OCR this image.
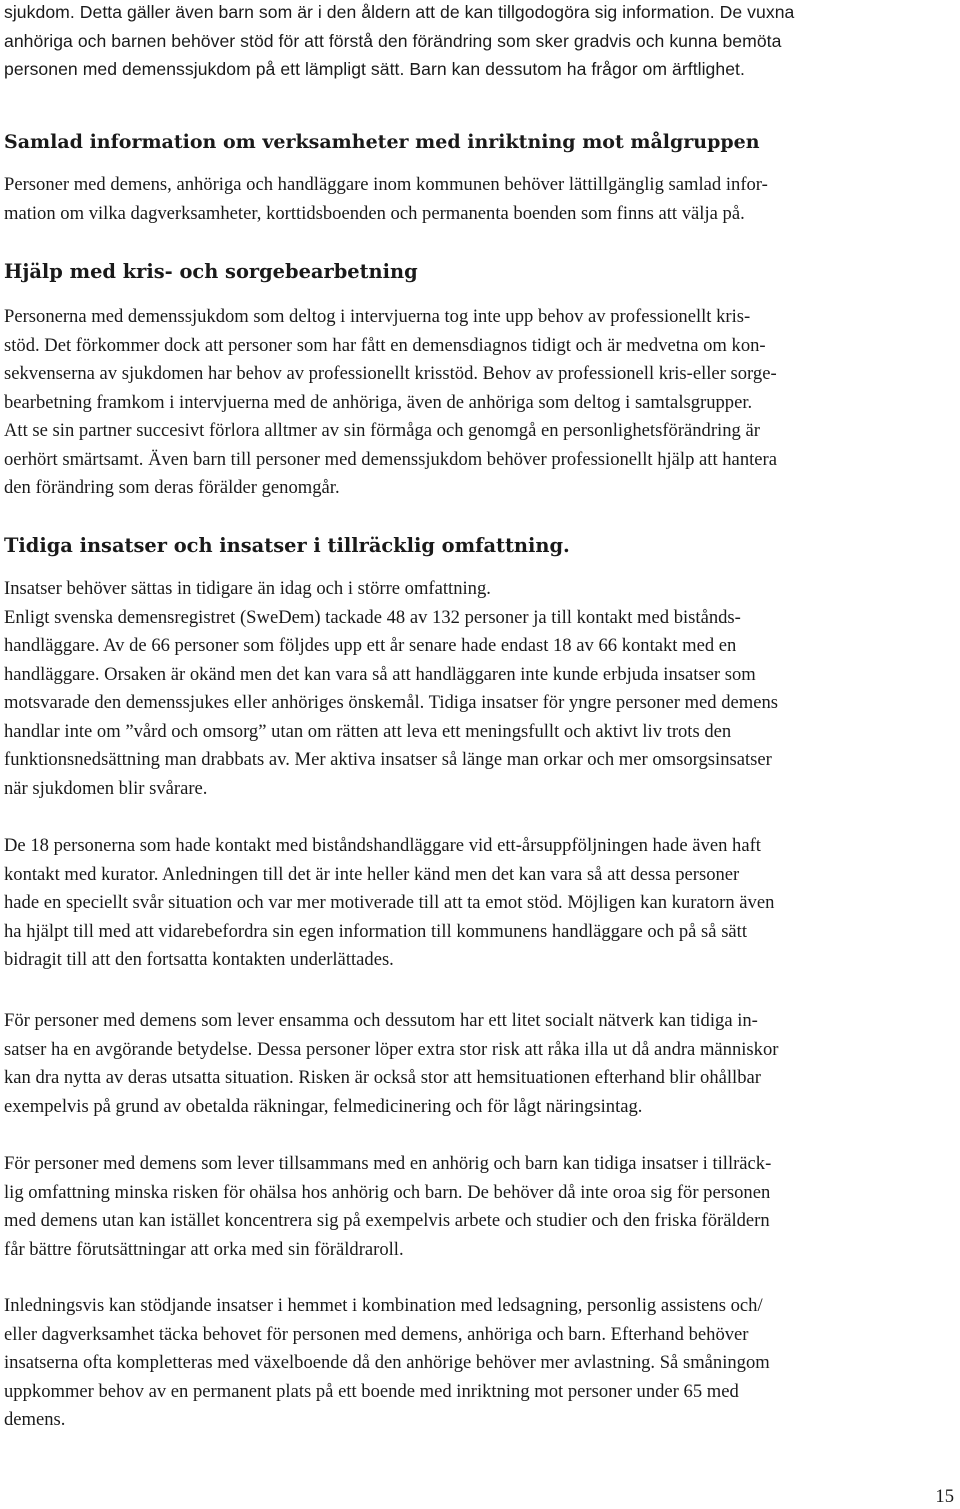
sjukdom. Detta gäller även barn som är i den åldern att de kan tillgodogöra sig information. De vuxna
anhöriga och barnen behöver stöd för att förstå den förändring som sker gradvis och kunna bemöta
personen med demenssjukdom på ett lämpligt sätt. Barn kan dessutom ha frågor om ärftlighet.
Samlad information om verksamheter med inriktning mot målgruppen
Personer med demens, anhöriga och handläggare inom kommunen behöver lättillgänglig samlad infor-
mation om vilka dagverksamheter, korttidsboenden och permanenta boenden som finns att välja på.
Hjälp med kris- och sorgebearbetning
Personerna med demenssjukdom som deltog i intervjuerna tog inte upp behov av professionellt kris-
stöd. Det förkommer dock att personer som har fått en demensdiagnos tidigt och är medvetna om kon-
sekvenserna av sjukdomen har behov av professionellt krisstöd. Behov av professionell kris-eller sorge-
bearbetning framkom i intervjuerna med de anhöriga, även de anhöriga som deltog i samtalsgrupper.
Att se sin partner succesivt förlora alltmer av sin förmåga och genomgå en personlighetsförändring är
oerhört smärtsamt. Även barn till personer med demenssjukdom behöver professionellt hjälp att hantera
den förändring som deras förälder genomgår.
Tidiga insatser och insatser i tillräcklig omfattning.
Insatser behöver sättas in tidigare än idag och i större omfattning.
Enligt svenska demensregistret (SweDem) tackade 48 av 132 personer ja till kontakt med bistånds-
handläggare. Av de 66 personer som följdes upp ett år senare hade endast 18 av 66 kontakt med en
handläggare. Orsaken är okänd men det kan vara så att handläggaren inte kunde erbjuda insatser som
motsvarade den demenssjukes eller anhöriges önskemål. Tidiga insatser för yngre personer med demens
handlar inte om ”vård och omsorg” utan om rätten att leva ett meningsfullt och aktivt liv trots den
funktionsnedsättning man drabbats av. Mer aktiva insatser så länge man orkar och mer omsorgsinsatser
när sjukdomen blir svårare.
De 18 personerna som hade kontakt med biståndshandläggare vid ett-årsuppföljningen hade även haft
kontakt med kurator. Anledningen till det är inte heller känd men det kan vara så att dessa personer
hade en speciellt svår situation och var mer motiverade till att ta emot stöd. Möjligen kan kuratorn även
ha hjälpt till med att vidarebefordra sin egen information till kommunens handläggare och på så sätt
bidragit till att den fortsatta kontakten underlättades.
För personer med demens som lever ensamma och dessutom har ett litet socialt nätverk kan tidiga in-
satser ha en avgörande betydelse. Dessa personer löper extra stor risk att råka illa ut då andra människor
kan dra nytta av deras utsatta situation. Risken är också stor att hemsituationen efterhand blir ohållbar
exempelvis på grund av obetalda räkningar, felmedicinering och för lågt näringsintag.
För personer med demens som lever tillsammans med en anhörig och barn kan tidiga insatser i tillräck-
lig omfattning minska risken för ohälsa hos anhörig och barn. De behöver då inte oroa sig för personen
med demens utan kan istället koncentrera sig på exempelvis arbete och studier och den friska föräldern
får bättre förutsättningar att orka med sin föräldraroll.
Inledningsvis kan stödjande insatser i hemmet i kombination med ledsagning, personlig assistens och/
eller dagverksamhet täcka behovet för personen med demens, anhöriga och barn. Efterhand behöver
insatserna ofta kompletteras med växelboende då den anhörige behöver mer avlastning. Så småningom
uppkommer behov av en permanent plats på ett boende med inriktning mot personer under 65 med
demens.

15
